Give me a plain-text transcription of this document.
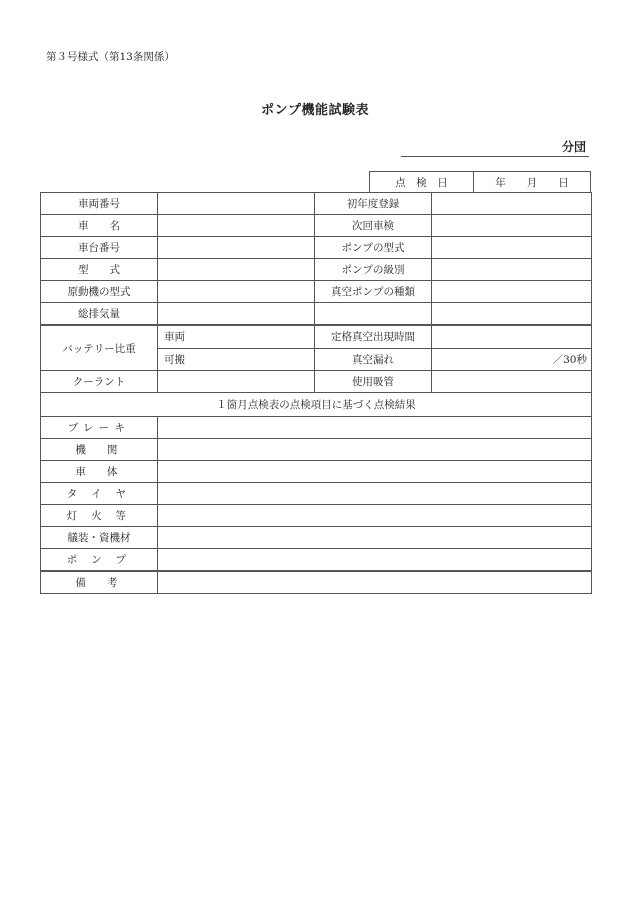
第３号様式（第13条関係）
ポンプ機能試験表
分団
点　検　日	年　　月　　日
車両番号		初年度登録	
車　　名		次回車検	
車台番号		ポンプの型式	
型　　式		ポンプの級別	
原動機の型式		真空ポンプの種類	
総排気量			
バッテリー比重	車両	定格真空出現時間	
	可搬	真空漏れ	／30秒
クーラント		使用吸管	
１箇月点検表の点検項目に基づく点検結果			
ブレーキ			
機　関			
車　体			
タ イ ヤ			
灯 火 等			
艤装・資機材			
ポ ン プ			
備　考			
